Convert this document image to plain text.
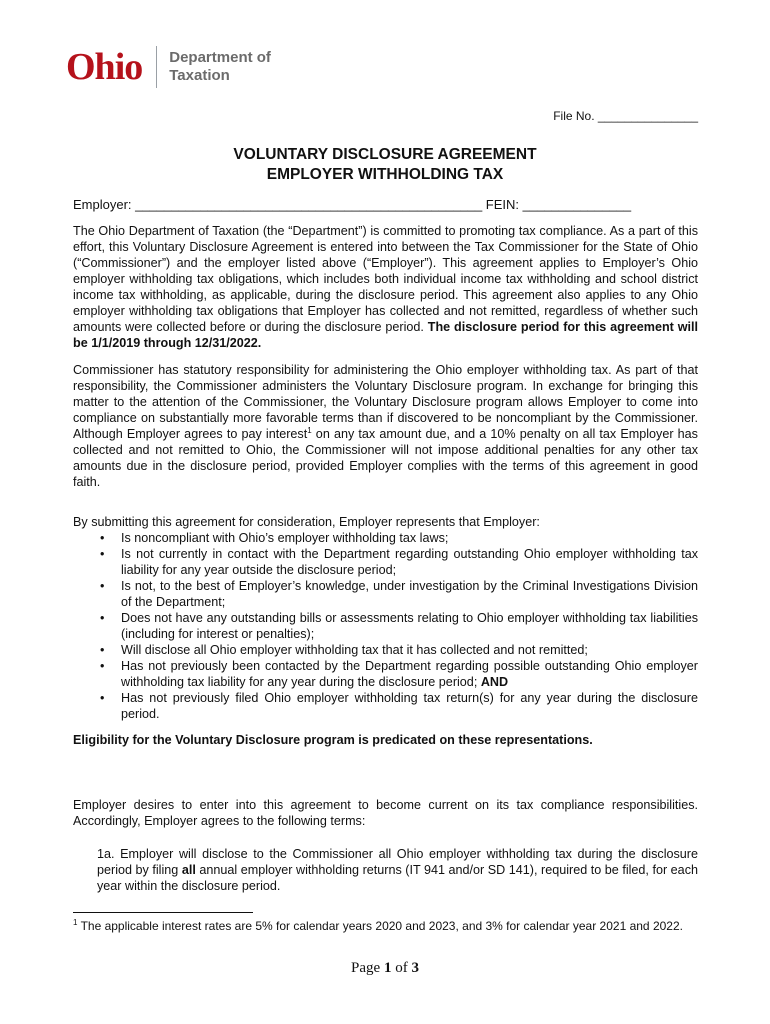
Ohio Department of
Taxation
File No. _______________
VOLUNTARY DISCLOSURE AGREEMENT
EMPLOYER WITHHOLDING TAX
Employer: ________________________________________________ FEIN: _______________

The Ohio Department of Taxation (the “Department”) is committed to promoting tax compliance. As a part of this effort, this Voluntary Disclosure Agreement is entered into between the Tax Commissioner for the State of Ohio (“Commissioner”) and the employer listed above (“Employer”). This agreement applies to Employer’s Ohio employer withholding tax obligations, which includes both individual income tax withholding and school district income tax withholding, as applicable, during the disclosure period. This agreement also applies to any Ohio employer withholding tax obligations that Employer has collected and not remitted, regardless of whether such amounts were collected before or during the disclosure period. The disclosure period for this agreement will be 1/1/2019 through 12/31/2022.

Commissioner has statutory responsibility for administering the Ohio employer withholding tax. As part of that responsibility, the Commissioner administers the Voluntary Disclosure program. In exchange for bringing this matter to the attention of the Commissioner, the Voluntary Disclosure program allows Employer to come into compliance on substantially more favorable terms than if discovered to be noncompliant by the Commissioner. Although Employer agrees to pay interest$^1$ on any tax amount due, and a 10% penalty on all tax Employer has collected and not remitted to Ohio, the Commissioner will not impose additional penalties for any other tax amounts due in the disclosure period, provided Employer complies with the terms of this agreement in good faith.

By submitting this agreement for consideration, Employer represents that Employer:

• Is noncompliant with Ohio’s employer withholding tax laws;
• Is not currently in contact with the Department regarding outstanding Ohio employer withholding tax liability for any year outside the disclosure period;
• Is not, to the best of Employer’s knowledge, under investigation by the Criminal Investigations Division of the Department;
• Does not have any outstanding bills or assessments relating to Ohio employer withholding tax liabilities (including for interest or penalties);
• Will disclose all Ohio employer withholding tax that it has collected and not remitted;
• Has not previously been contacted by the Department regarding possible outstanding Ohio employer withholding tax liability for any year during the disclosure period; AND
• Has not previously filed Ohio employer withholding tax return(s) for any year during the disclosure period.
Eligibility for the Voluntary Disclosure program is predicated on these representations.

Employer desires to enter into this agreement to become current on its tax compliance responsibilities. Accordingly, Employer agrees to the following terms:

1a. Employer will disclose to the Commissioner all Ohio employer withholding tax during the disclosure period by filing all annual employer withholding returns (IT 941 and/or SD 141), required to be filed, for each year within the disclosure period.

$^1$ The applicable interest rates are 5% for calendar years 2020 and 2023, and 3% for calendar year 2021 and 2022.
Page 1 of 3
